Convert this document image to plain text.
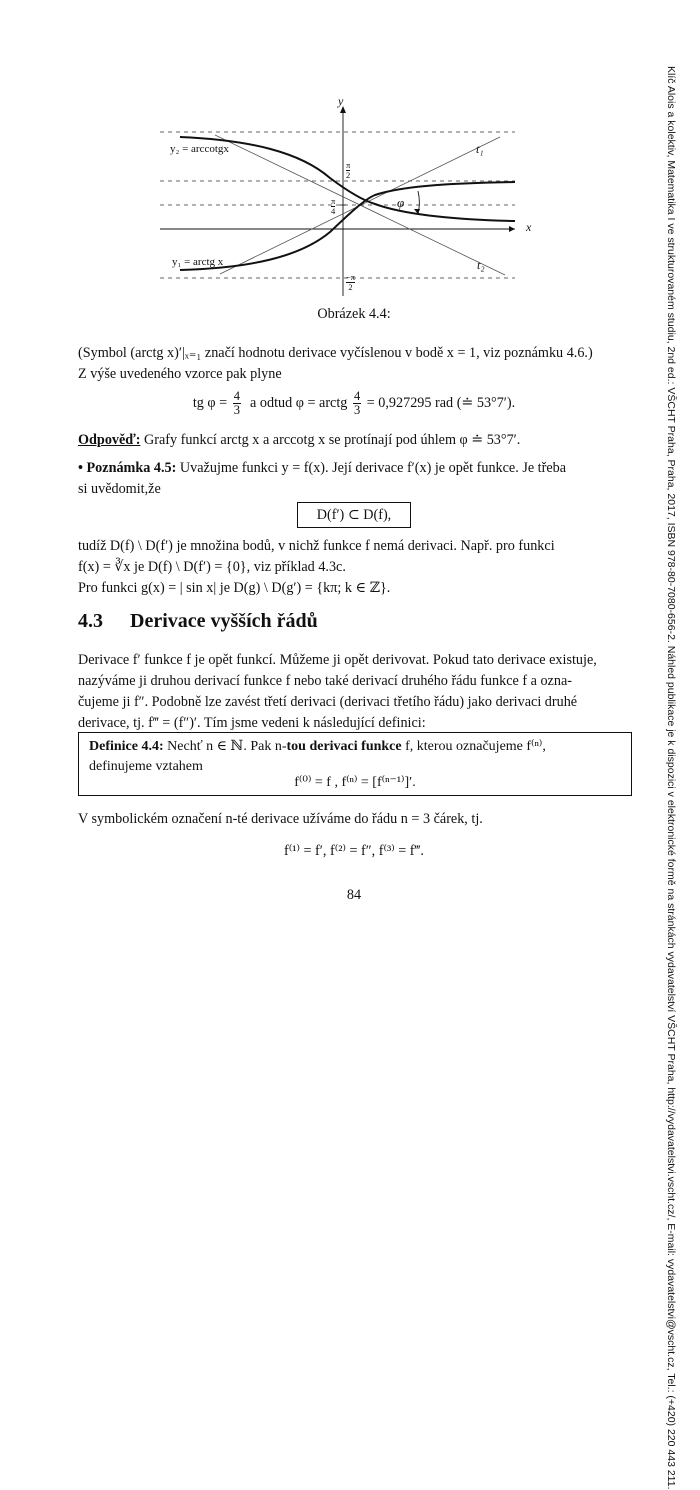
Klíč Alois a kolektiv, Matematika I ve strukturovaném studiu, 2nd ed.: VŠCHT Praha, Praha, 2017, ISBN 978-80-7080-656-2. Náhled publikace je k dispozici v elektronické formě na stránkách vydavatelství VŠCHT Praha, http://vydavatelstvi.vscht.cz/, E-mail: vydavatelstvi@vscht.cz, Tel.: (+420) 220 443 211.
y
x
y₂ = arccotgx
y₁ = arctg x
t₁
t₂
φ
π
2
π
4
−π
2
Obrázek 4.4:
(Symbol (arctg x)′|ₓ₌₁ značí hodnotu derivace vyčíslenou v bodě x = 1, viz poznámku 4.6.)
Z výše uvedeného vzorce pak plyne
tg $\varphi = \frac{4}{3}$ a odtud φ = arctg $\frac{4}{3} = 0,927295$ rad (≐ 53°7′).
Odpověď: Grafy funkcí arctg x a arccotg x se protínají pod úhlem φ ≐ 53°7′.
• Poznámka 4.5: Uvažujme funkci y = f(x). Její derivace f′(x) je opět funkce. Je třeba
si uvědomit,že
D(f′) ⊂ D(f),
tudíž D(f) \ D(f′) je množina bodů, v nichž funkce f nemá derivaci. Např. pro funkci
f(x) = ∛x je D(f) \ D(f′) = {0}, viz příklad 4.3c.
Pro funkci g(x) = | sin x| je D(g) \ D(g′) = {kπ; k ∈ ℤ}.
4.3 Derivace vyšších řádů
Derivace f′ funkce f je opět funkcí. Můžeme ji opět derivovat. Pokud tato derivace existuje,
nazýváme ji druhou derivací funkce f nebo také derivací druhého řádu funkce f a ozna-
čujeme ji f″. Podobně lze zavést třetí derivaci (derivaci třetího řádu) jako derivaci druhé
derivace, tj. f‴ = (f″)′. Tím jsme vedeni k následující definici:
Definice 4.4: Nechť n ∈ ℕ. Pak n-tou derivaci funkce f, kterou označujeme f⁽ⁿ⁾,
definujeme vztahem
f⁽⁰⁾ = f , f⁽ⁿ⁾ = [f⁽ⁿ⁻¹⁾]′.
V symbolickém označení n-té derivace užíváme do řádu n = 3 čárek, tj.
f⁽¹⁾ = f′, f⁽²⁾ = f″, f⁽³⁾ = f‴.
84
